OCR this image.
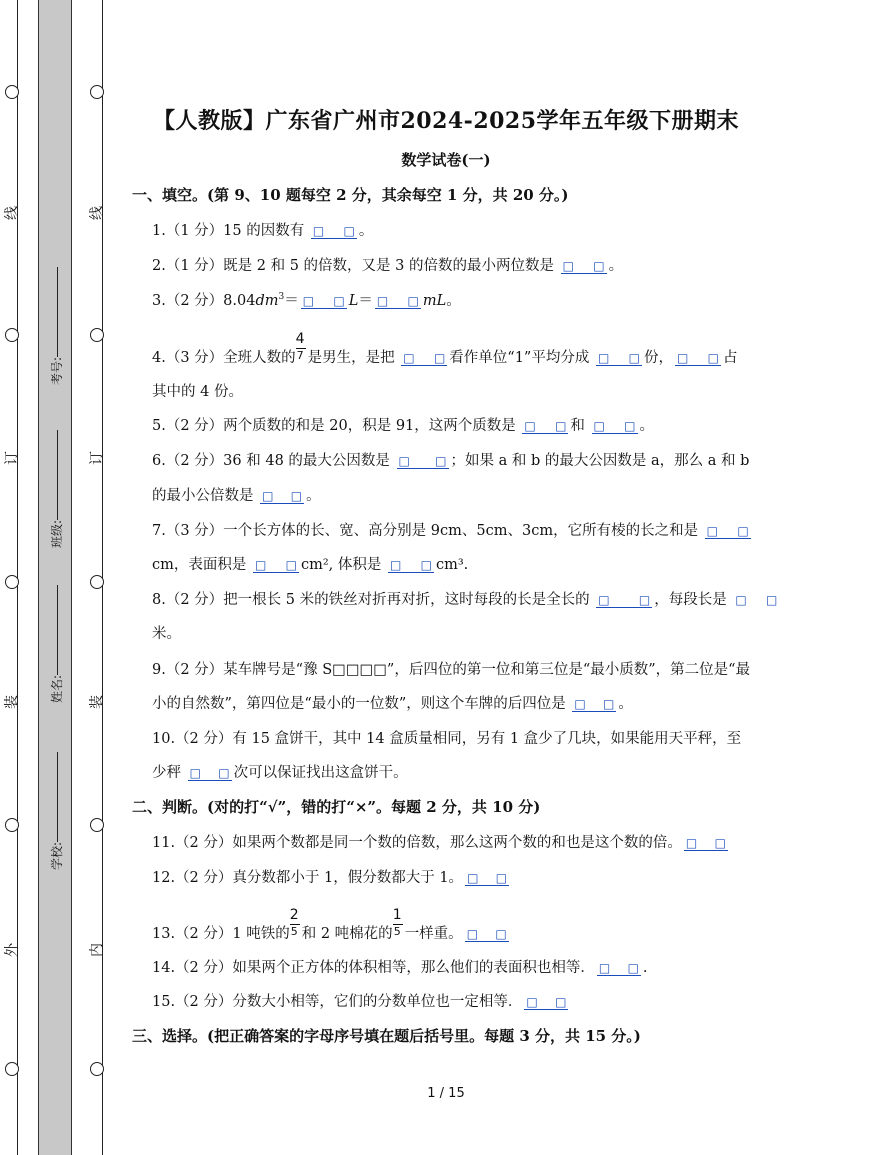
线
订
装
外
线
订
装
内
考号:
班级:
姓名:
学校:
【人教版】广东省广州市2024-2025学年五年级下册期末
数学试卷(一)
一、填空。(第 9、10 题每空 2 分，其余每空 1 分，共 20 分。)
1.（1 分）15 的因数有 □ □ 。
2.（1 分）既是 2 和 5 的倍数，又是 3 的倍数的最小两位数是 □ □ 。
3.（2 分）$8.04dm^3=$ □ □ L＝ □ □ mL。
4.（3 分）全班人数的 $\frac{4}{7}$ 是男生，是把 □ □ 看作单位“1”平均分成 □ □ 份， □ □ 占
其中的 4 份。
5.（2 分）两个质数的和是 20，积是 91，这两个质数是 □ □ 和 □ □ 。
6.（2 分）36 和 48 的最大公因数是 □ □ ；如果 a 和 b 的最大公因数是 a，那么 a 和 b
的最小公倍数是 □ □ 。
7.（3 分）一个长方体的长、宽、高分别是 9cm、5cm、3cm，它所有棱的长之和是 □ □
cm，表面积是 □ □ cm², 体积是 □ □ cm³.
8.（2 分）把一根长 5 米的铁丝对折再对折，这时每段的长是全长的 □ □ ，每段长是 □ □
米。
9.（2 分）某车牌号是“豫 S□□□□”，后四位的第一位和第三位是“最小质数”，第二位是“最
小的自然数”，第四位是“最小的一位数”，则这个车牌的后四位是 □ □ 。
10.（2 分）有 15 盒饼干，其中 14 盒质量相同，另有 1 盒少了几块，如果能用天平秤，至
少秤 □ □ 次可以保证找出这盒饼干。
二、判断。(对的打“√”，错的打“×”。每题 2 分，共 10 分)
11.（2 分）如果两个数都是同一个数的倍数，那么这两个数的和也是这个数的倍。 □ □
12.（2 分）真分数都小于 1，假分数都大于 1。 □ □
13.（2 分）1 吨铁的 $\frac{2}{5}$ 和 2 吨棉花的 $\frac{1}{5}$ 一样重。 □ □
14.（2 分）如果两个正方体的体积相等，那么他们的表面积也相等． □ □ .
15.（2 分）分数大小相等，它们的分数单位也一定相等． □ □
三、选择。(把正确答案的字母序号填在题后括号里。每题 3 分，共 15 分。)
1 / 15
